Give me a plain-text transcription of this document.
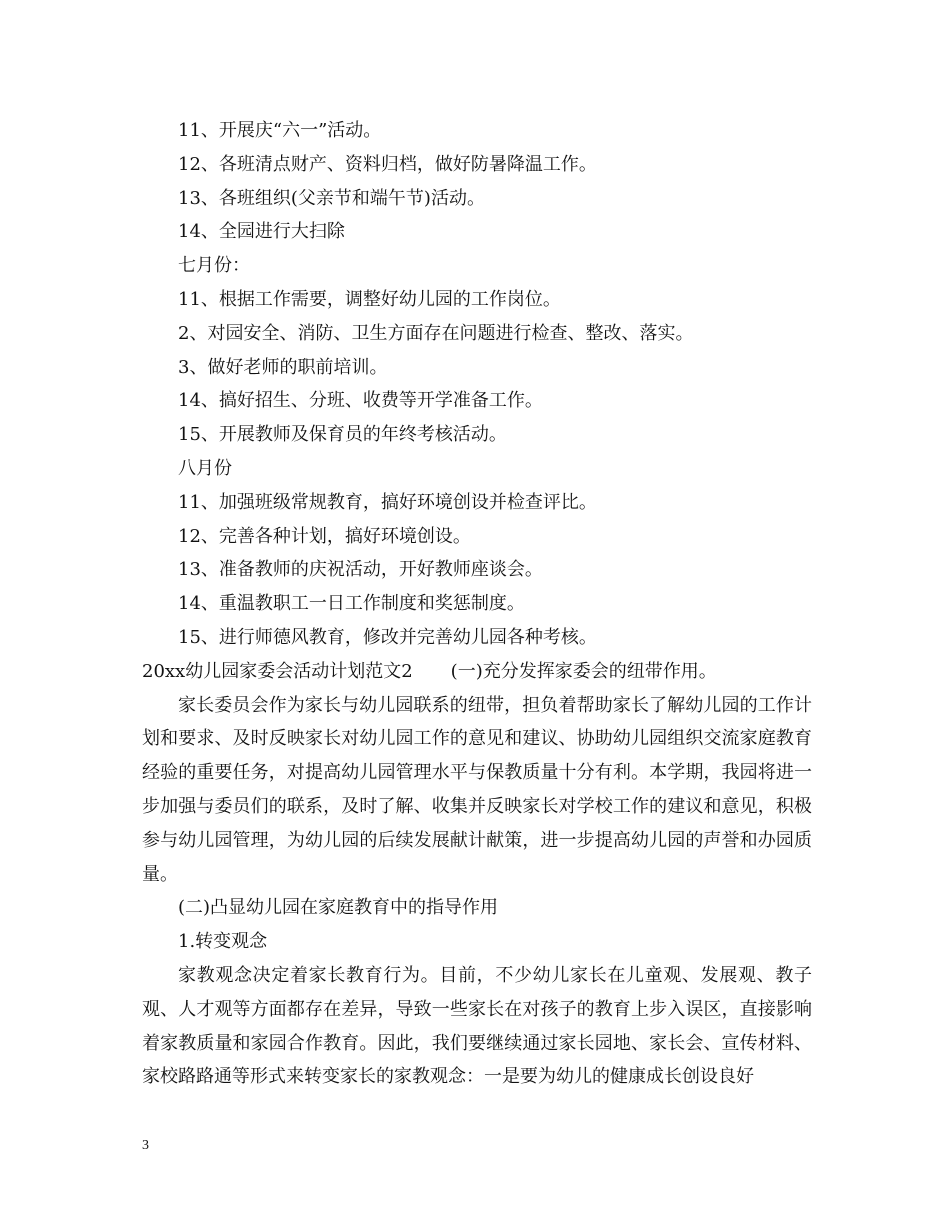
11、开展庆“六一”活动。
12、各班清点财产、资料归档，做好防暑降温工作。
13、各班组织(父亲节和端午节)活动。
14、全园进行大扫除
七月份：
11、根据工作需要，调整好幼儿园的工作岗位。
2、对园安全、消防、卫生方面存在问题进行检查、整改、落实。
3、做好老师的职前培训。
14、搞好招生、分班、收费等开学准备工作。
15、开展教师及保育员的年终考核活动。
八月份
11、加强班级常规教育，搞好环境创设并检查评比。
12、完善各种计划，搞好环境创设。
13、准备教师的庆祝活动，开好教师座谈会。
14、重温教职工一日工作制度和奖惩制度。
15、进行师德风教育，修改并完善幼儿园各种考核。
20xx幼儿园家委会活动计划范文2 (一)充分发挥家委会的纽带作用。
家长委员会作为家长与幼儿园联系的纽带，担负着帮助家长了解幼儿园的工作计划和要求、及时反映家长对幼儿园工作的意见和建议、协助幼儿园组织交流家庭教育经验的重要任务，对提高幼儿园管理水平与保教质量十分有利。本学期，我园将进一步加强与委员们的联系，及时了解、收集并反映家长对学校工作的建议和意见，积极参与幼儿园管理，为幼儿园的后续发展献计献策，进一步提高幼儿园的声誉和办园质量。
(二)凸显幼儿园在家庭教育中的指导作用
1.转变观念
家教观念决定着家长教育行为。目前，不少幼儿家长在儿童观、发展观、教子观、人才观等方面都存在差异，导致一些家长在对孩子的教育上步入误区，直接影响着家教质量和家园合作教育。因此，我们要继续通过家长园地、家长会、宣传材料、家校路路通等形式来转变家长的家教观念：一是要为幼儿的健康成长创设良好
3
